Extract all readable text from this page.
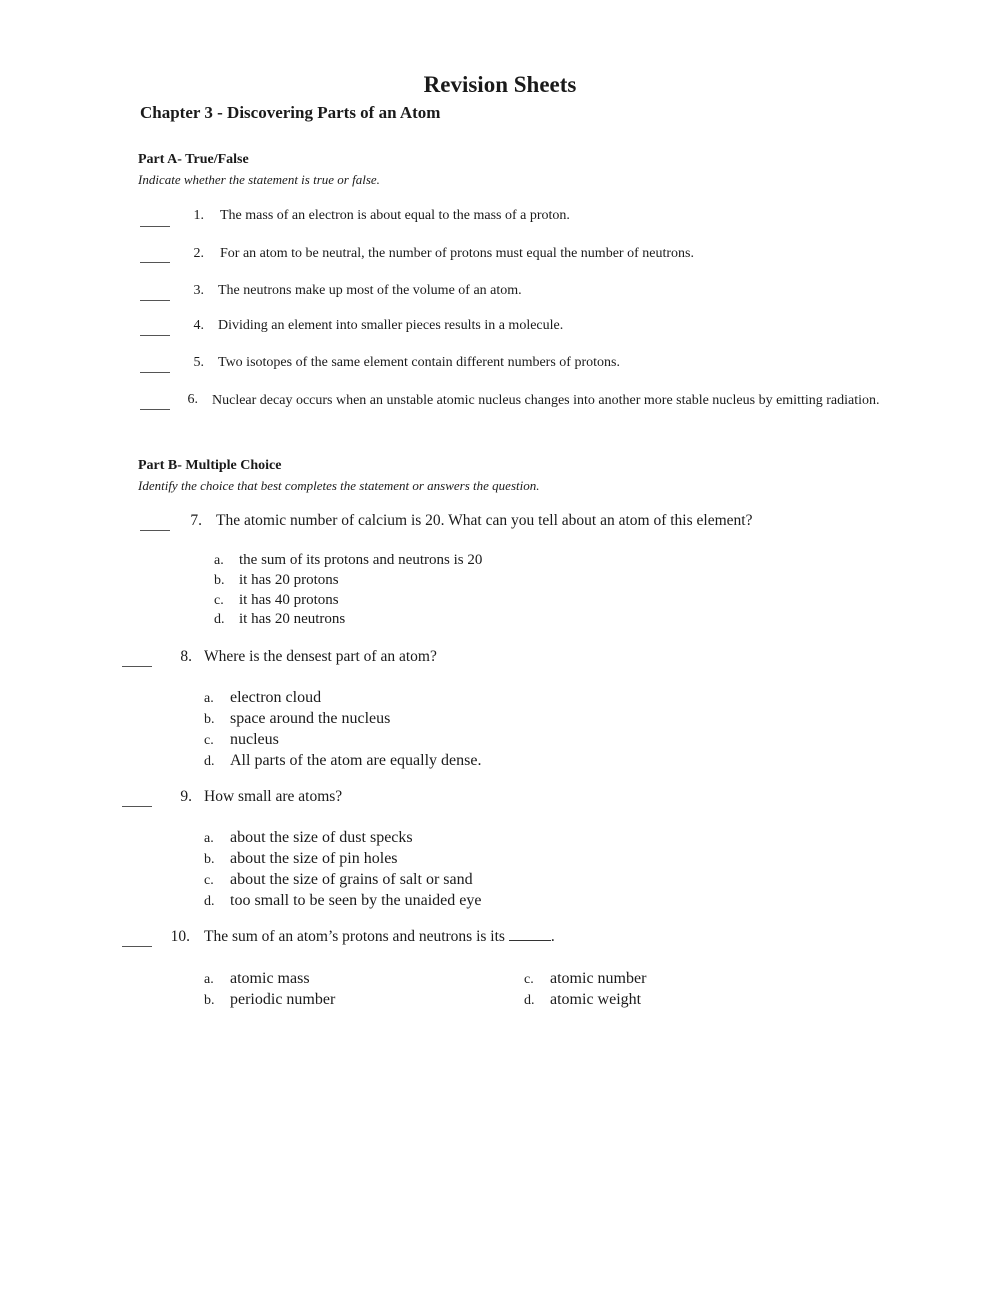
Revision Sheets
Chapter 3 - Discovering Parts of an Atom
Part A- True/False
Indicate whether the statement is true or false.
1. The mass of an electron is about equal to the mass of a proton.
2. For an atom to be neutral, the number of protons must equal the number of neutrons.
3. The neutrons make up most of the volume of an atom.
4. Dividing an element into smaller pieces results in a molecule.
5. Two isotopes of the same element contain different numbers of protons.
6. Nuclear decay occurs when an unstable atomic nucleus changes into another more stable nucleus by emitting radiation.
Part B- Multiple Choice
Identify the choice that best completes the statement or answers the question.
7. The atomic number of calcium is 20. What can you tell about an atom of this element?
a.	the sum of its protons and neutrons is 20
b. it has 20 protons
c.	it has 40 protons
d. it has 20 neutrons
8. Where is the densest part of an atom?
a.	electron cloud
b. space around the nucleus
c.	nucleus
d. All parts of the atom are equally dense.
9. How small are atoms?
a.	about the size of dust specks
b. about the size of pin holes
c.	about the size of grains of salt or sand
d. too small to be seen by the unaided eye
10. The sum of an atom’s protons and neutrons is its	.
a.	atomic mass
b. periodic number
c.	atomic number
d. atomic weight
